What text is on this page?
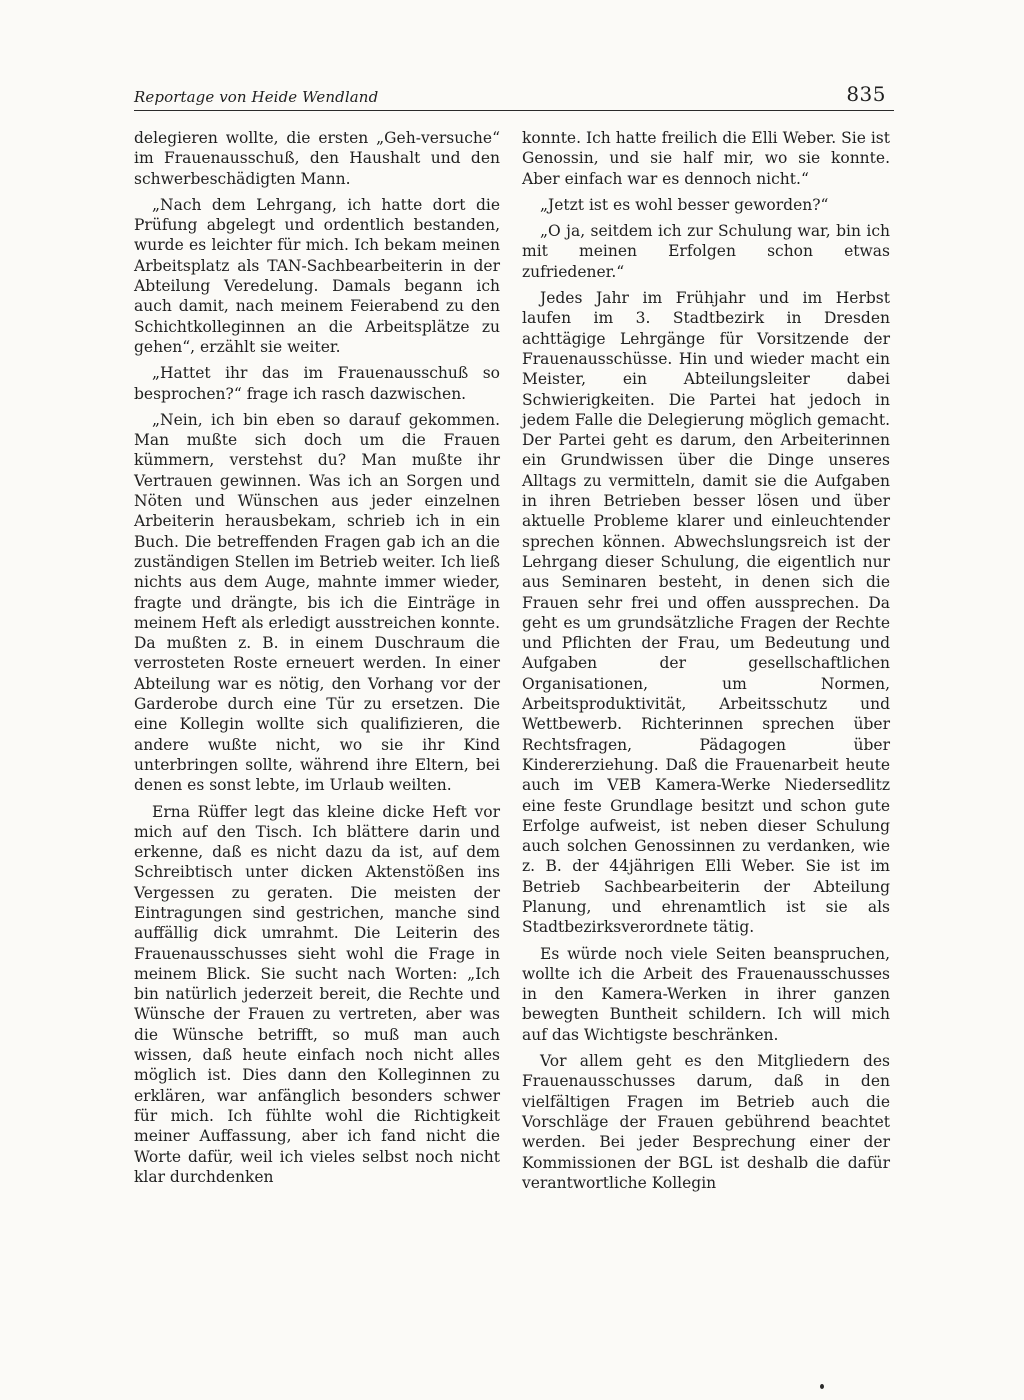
Reportage von Heide Wendland	835

delegieren wollte, die ersten „Geh-versuche“ im Frauenausschuß, den Haushalt und den schwerbeschädigten Mann.

„Nach dem Lehrgang, ich hatte dort die Prüfung abgelegt und ordentlich bestanden, wurde es leichter für mich. Ich bekam meinen Arbeitsplatz als TAN-Sachbearbeiterin in der Abteilung Veredelung. Damals begann ich auch damit, nach meinem Feierabend zu den Schichtkolleginnen an die Arbeitsplätze zu gehen“, erzählt sie weiter.

„Hattet ihr das im Frauenausschuß so besprochen?“ frage ich rasch dazwischen.

„Nein, ich bin eben so darauf gekommen. Man mußte sich doch um die Frauen kümmern, verstehst du? Man mußte ihr Vertrauen gewinnen. Was ich an Sorgen und Nöten und Wünschen aus jeder einzelnen Arbeiterin herausbekam, schrieb ich in ein Buch. Die betreffenden Fragen gab ich an die zuständigen Stellen im Betrieb weiter. Ich ließ nichts aus dem Auge, mahnte immer wieder, fragte und drängte, bis ich die Einträge in meinem Heft als erledigt ausstreichen konnte. Da mußten z. B. in einem Duschraum die verrosteten Roste erneuert werden. In einer Abteilung war es nötig, den Vorhang vor der Garderobe durch eine Tür zu ersetzen. Die eine Kollegin wollte sich qualifizieren, die andere wußte nicht, wo sie ihr Kind unterbringen sollte, während ihre Eltern, bei denen es sonst lebte, im Urlaub weilten.

Erna Rüffer legt das kleine dicke Heft vor mich auf den Tisch. Ich blättere darin und erkenne, daß es nicht dazu da ist, auf dem Schreibtisch unter dicken Aktenstößen ins Vergessen zu geraten. Die meisten der Eintragungen sind gestrichen, manche sind auffällig dick umrahmt. Die Leiterin des Frauenausschusses sieht wohl die Frage in meinem Blick. Sie sucht nach Worten: „Ich bin natürlich jederzeit bereit, die Rechte und Wünsche der Frauen zu vertreten, aber was die Wünsche betrifft, so muß man auch wissen, daß heute einfach noch nicht alles möglich ist. Dies dann den Kolleginnen zu erklären, war anfänglich besonders schwer für mich. Ich fühlte wohl die Richtigkeit meiner Auffassung, aber ich fand nicht die Worte dafür, weil ich vieles selbst noch nicht klar durchdenken

konnte. Ich hatte freilich die Elli Weber. Sie ist Genossin, und sie half mir, wo sie konnte. Aber einfach war es dennoch nicht.“

„Jetzt ist es wohl besser geworden?“

„O ja, seitdem ich zur Schulung war, bin ich mit meinen Erfolgen schon etwas zufriedener.“

Jedes Jahr im Frühjahr und im Herbst laufen im 3. Stadtbezirk in Dresden achttägige Lehrgänge für Vorsitzende der Frauenausschüsse. Hin und wieder macht ein Meister, ein Abteilungsleiter dabei Schwierigkeiten. Die Partei hat jedoch in jedem Falle die Delegierung möglich gemacht. Der Partei geht es darum, den Arbeiterinnen ein Grundwissen über die Dinge unseres Alltags zu vermitteln, damit sie die Aufgaben in ihren Betrieben besser lösen und über aktuelle Probleme klarer und einleuchtender sprechen können. Abwechslungsreich ist der Lehrgang dieser Schulung, die eigentlich nur aus Seminaren besteht, in denen sich die Frauen sehr frei und offen aussprechen. Da geht es um grundsätzliche Fragen der Rechte und Pflichten der Frau, um Bedeutung und Aufgaben der gesellschaftlichen Organisationen, um Normen, Arbeitsproduktivität, Arbeitsschutz und Wettbewerb. Richterinnen sprechen über Rechtsfragen, Pädagogen über Kindererziehung. Daß die Frauenarbeit heute auch im VEB Kamera-Werke Niedersedlitz eine feste Grundlage besitzt und schon gute Erfolge aufweist, ist neben dieser Schulung auch solchen Genossinnen zu verdanken, wie z. B. der 44jährigen Elli Weber. Sie ist im Betrieb Sachbearbeiterin der Abteilung Planung, und ehrenamtlich ist sie als Stadtbezirksverordnete tätig.

Es würde noch viele Seiten beanspruchen, wollte ich die Arbeit des Frauenausschusses in den Kamera-Werken in ihrer ganzen bewegten Buntheit schildern. Ich will mich auf das Wichtigste beschränken.

Vor allem geht es den Mitgliedern des Frauenausschusses darum, daß in den vielfältigen Fragen im Betrieb auch die Vorschläge der Frauen gebührend beachtet werden. Bei jeder Besprechung einer der Kommissionen der BGL ist deshalb die dafür verantwortliche Kollegin
